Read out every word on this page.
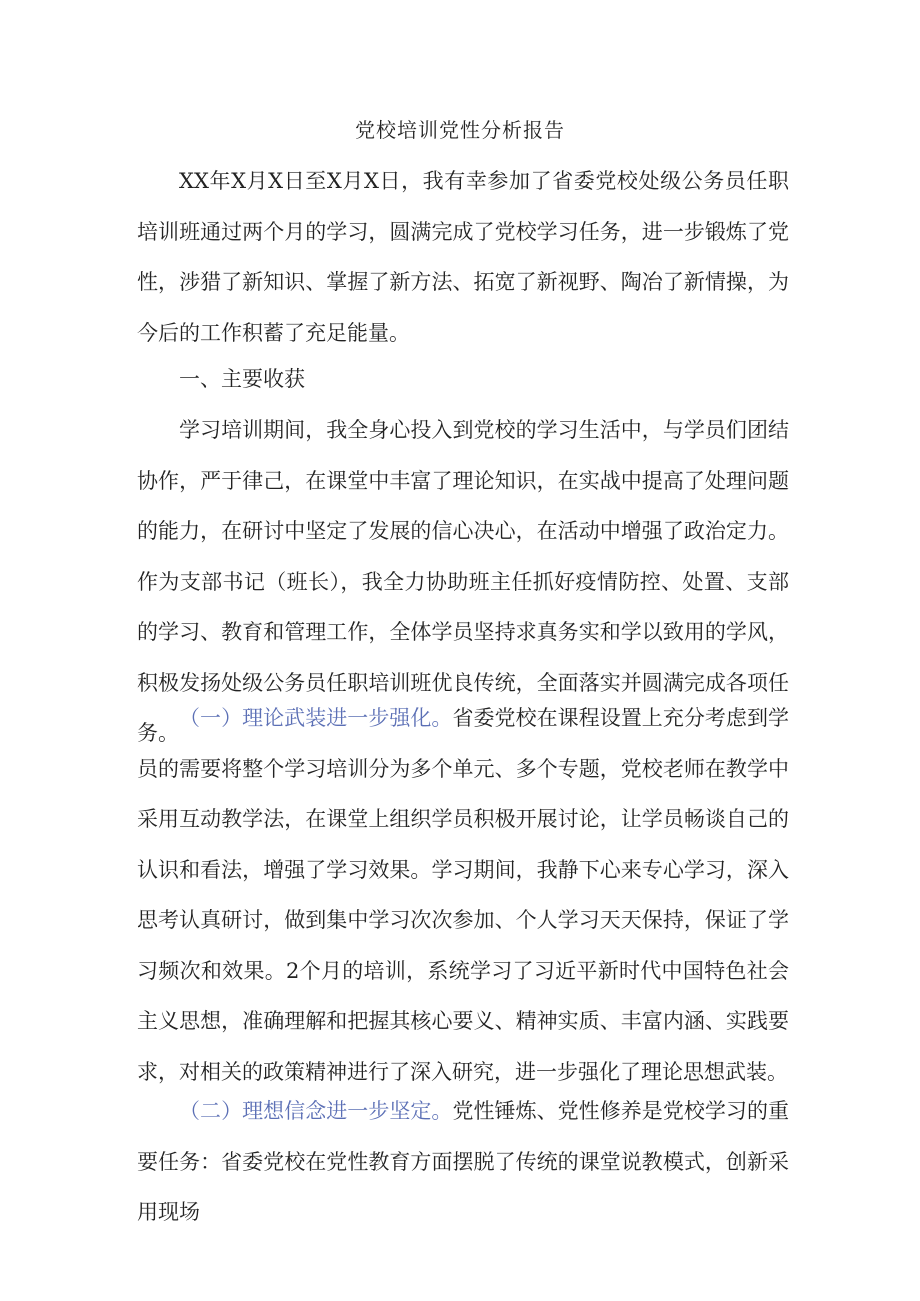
党校培训党性分析报告

XX年X月X日至X月X日，我有幸参加了省委党校处级公务员任职培训班通过两个月的学习，圆满完成了党校学习任务，进一步锻炼了党性，涉猎了新知识、掌握了新方法、拓宽了新视野、陶冶了新情操，为今后的工作积蓄了充足能量。

一、主要收获

学习培训期间，我全身心投入到党校的学习生活中，与学员们团结协作，严于律己，在课堂中丰富了理论知识，在实战中提高了处理问题的能力，在研讨中坚定了发展的信心决心，在活动中增强了政治定力。作为支部书记（班长），我全力协助班主任抓好疫情防控、处置、支部的学习、教育和管理工作，全体学员坚持求真务实和学以致用的学风，积极发扬处级公务员任职培训班优良传统，全面落实并圆满完成各项任务。

（一）理论武装进一步强化。省委党校在课程设置上充分考虑到学员的需要将整个学习培训分为多个单元、多个专题，党校老师在教学中采用互动教学法，在课堂上组织学员积极开展讨论，让学员畅谈自己的认识和看法，增强了学习效果。学习期间，我静下心来专心学习，深入思考认真研讨，做到集中学习次次参加、个人学习天天保持，保证了学习频次和效果。2个月的培训，系统学习了习近平新时代中国特色社会主义思想，准确理解和把握其核心要义、精神实质、丰富内涵、实践要求，对相关的政策精神进行了深入研究，进一步强化了理论思想武装。

（二）理想信念进一步坚定。党性锤炼、党性修养是党校学习的重要任务：省委党校在党性教育方面摆脱了传统的课堂说教模式，创新采用现场
